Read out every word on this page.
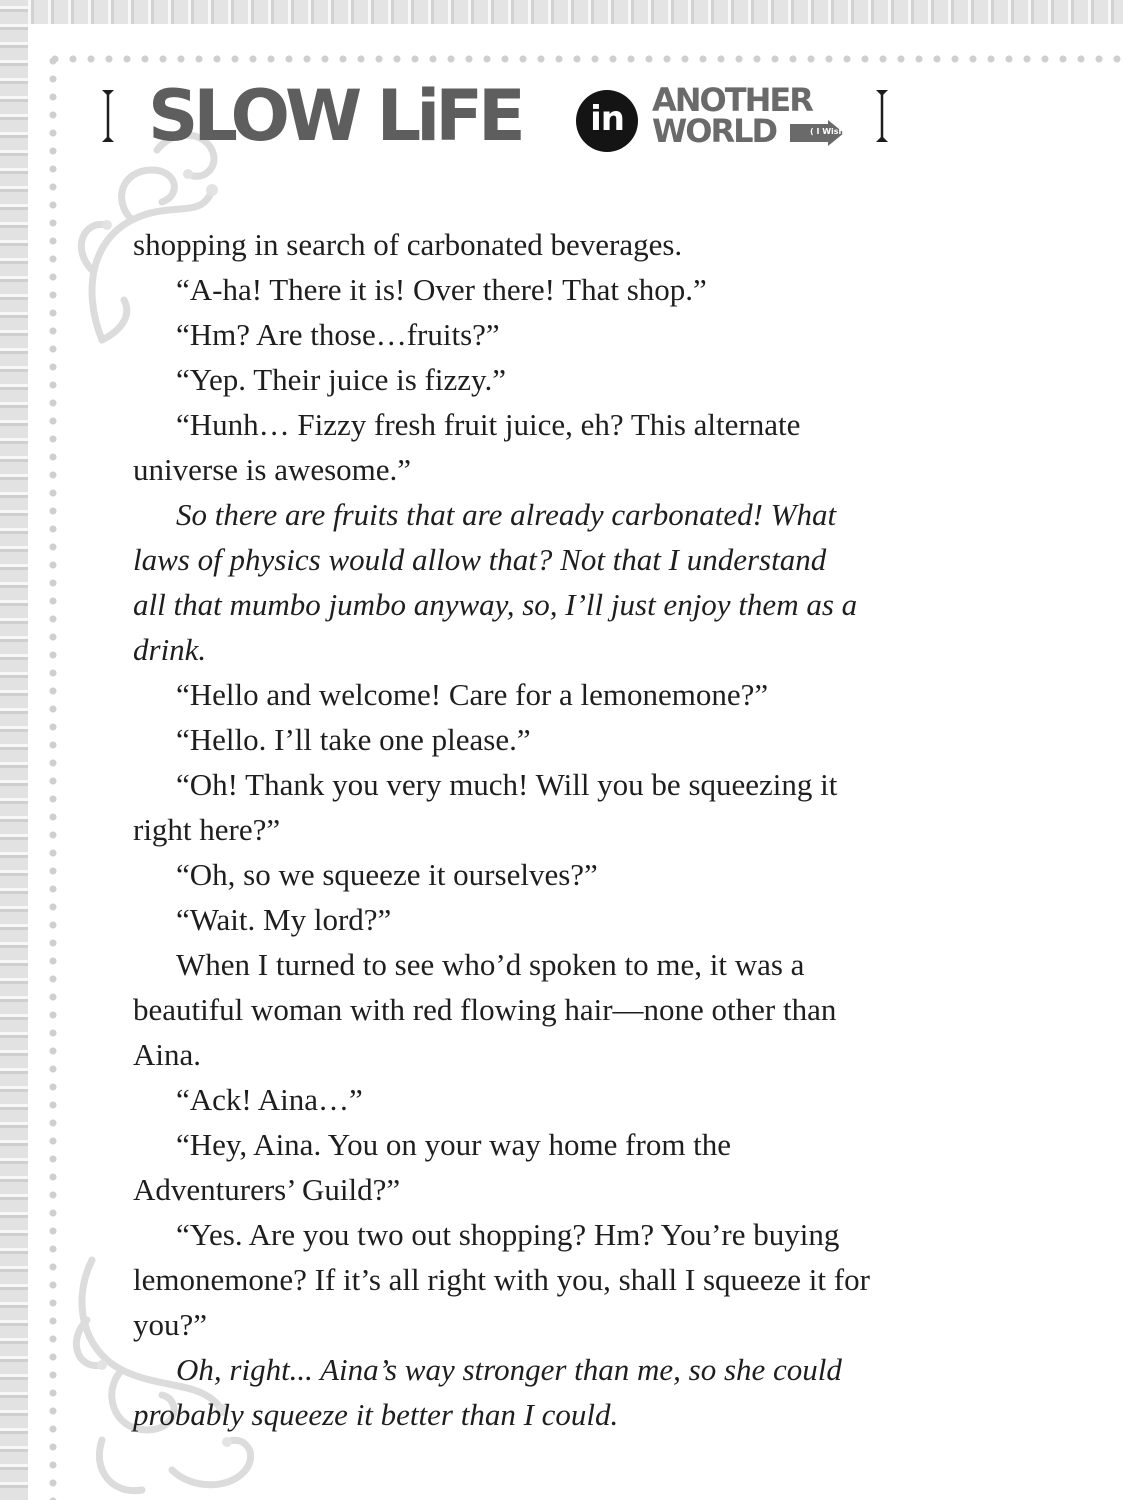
SLOW LiFE	in ANOTHER
WORLD	( I Wish! )

shopping in search of carbonated beverages.

“A-ha! There it is! Over there! That shop.”

“Hm? Are those…fruits?”

“Yep. Their juice is fizzy.”

“Hunh… Fizzy fresh fruit juice, eh? This alternate

universe is awesome.”

So there are fruits that are already carbonated! What

laws of physics would allow that? Not that I understand

all that mumbo jumbo anyway, so, I’ll just enjoy them as a

drink.

“Hello and welcome! Care for a lemonemone?”

“Hello. I’ll take one please.”

“Oh! Thank you very much! Will you be squeezing it

right here?”

“Oh, so we squeeze it ourselves?”

“Wait. My lord?”

When I turned to see who’d spoken to me, it was a

beautiful woman with red flowing hair—none other than

Aina.

“Ack! Aina…”

“Hey, Aina. You on your way home from the

Adventurers’ Guild?”

“Yes. Are you two out shopping? Hm? You’re buying

lemonemone? If it’s all right with you, shall I squeeze it for

you?”

Oh, right... Aina’s way stronger than me, so she could

probably squeeze it better than I could.
